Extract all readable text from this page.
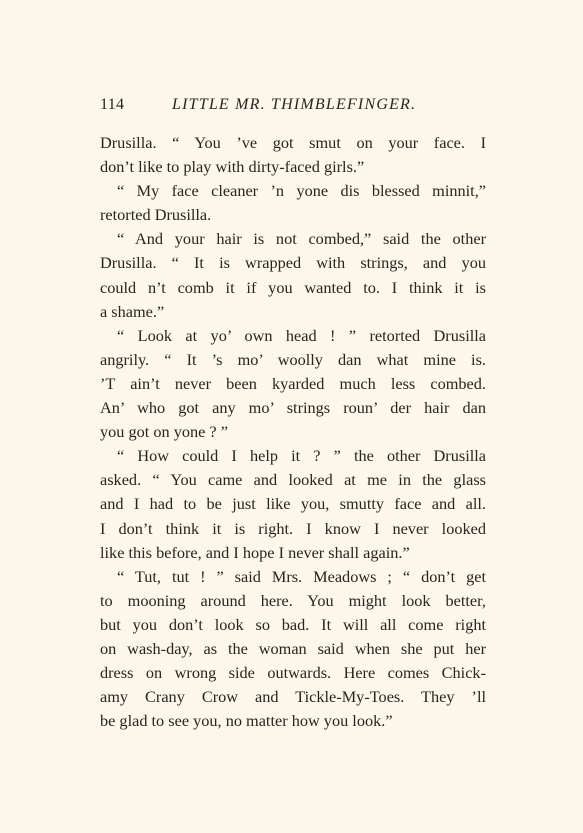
114	LITTLE MR. THIMBLEFINGER.
Drusilla. “ You ’ve got smut on your face. I
don’t like to play with dirty-faced girls.”
“ My face cleaner ’n yone dis blessed minnit,”
retorted Drusilla.
“ And your hair is not combed,” said the other
Drusilla. “ It is wrapped with strings, and you
could n’t comb it if you wanted to. I think it is
a shame.”
“ Look at yo’ own head ! ” retorted Drusilla
angrily. “ It ’s mo’ woolly dan what mine is.
’T ain’t never been kyarded much less combed.
An’ who got any mo’ strings roun’ der hair dan
you got on yone ? ”
“ How could I help it ? ” the other Drusilla
asked. “ You came and looked at me in the glass
and I had to be just like you, smutty face and all.
I don’t think it is right. I know I never looked
like this before, and I hope I never shall again.”
“ Tut, tut ! ” said Mrs. Meadows ; “ don’t get
to mooning around here. You might look better,
but you don’t look so bad. It will all come right
on wash-day, as the woman said when she put her
dress on wrong side outwards. Here comes Chick-
amy Crany Crow and Tickle-My-Toes. They ’ll
be glad to see you, no matter how you look.”
